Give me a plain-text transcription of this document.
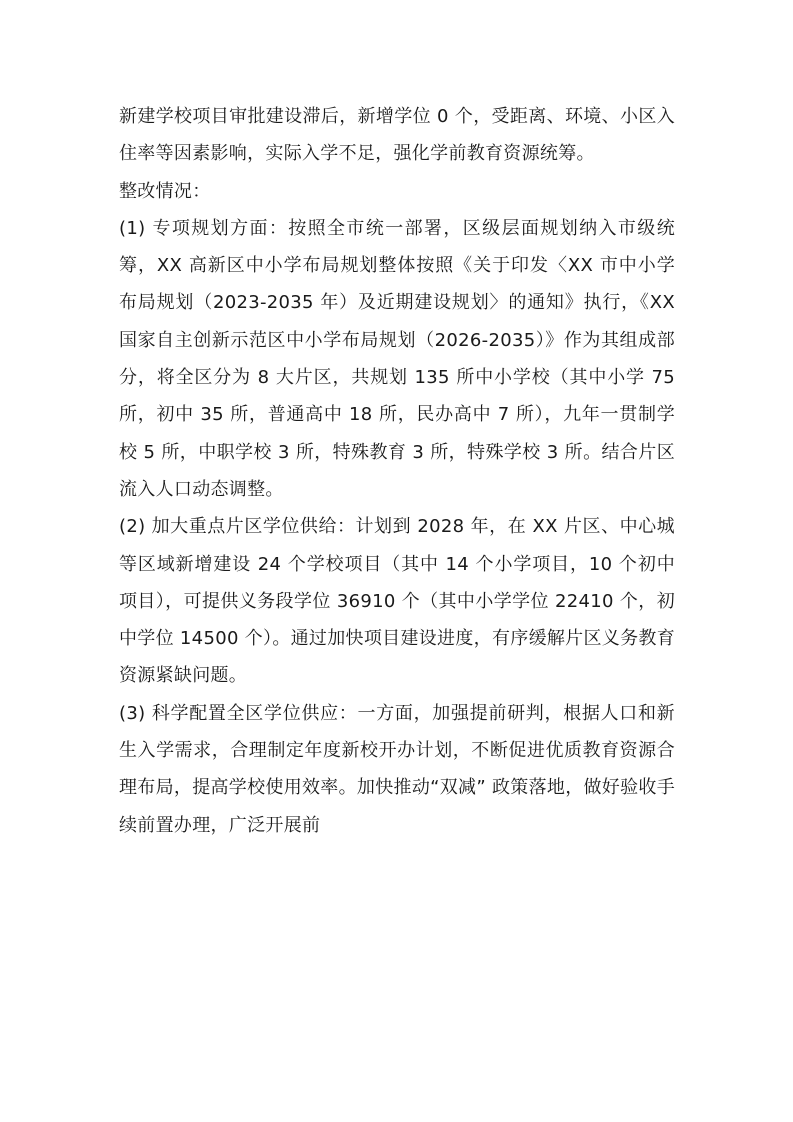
新建学校项目审批建设滞后，新增学位 0 个，受距离、环境、小区入住率等因素影响，实际入学不足，强化学前教育资源统筹。

整改情况：

(1) 专项规划方面：按照全市统一部署，区级层面规划纳入市级统筹，XX 高新区中小学布局规划整体按照《关于印发〈XX 市中小学布局规划（2023-2035 年）及近期建设规划〉的通知》执行，《XX 国家自主创新示范区中小学布局规划（2026-2035）》作为其组成部分，将全区分为 8 大片区，共规划 135 所中小学校（其中小学 75 所，初中 35 所，普通高中 18 所，民办高中 7 所），九年一贯制学校 5 所，中职学校 3 所，特殊教育 3 所，特殊学校 3 所。结合片区流入人口动态调整。

(2) 加大重点片区学位供给：计划到 2028 年，在 XX 片区、中心城等区域新增建设 24 个学校项目（其中 14 个小学项目，10 个初中项目），可提供义务段学位 36910 个（其中小学学位 22410 个，初中学位 14500 个）。通过加快项目建设进度，有序缓解片区义务教育资源紧缺问题。

(3) 科学配置全区学位供应：一方面，加强提前研判，根据人口和新生入学需求，合理制定年度新校开办计划，不断促进优质教育资源合理布局，提高学校使用效率。加快推动“双减” 政策落地，做好验收手续前置办理，广泛开展前
